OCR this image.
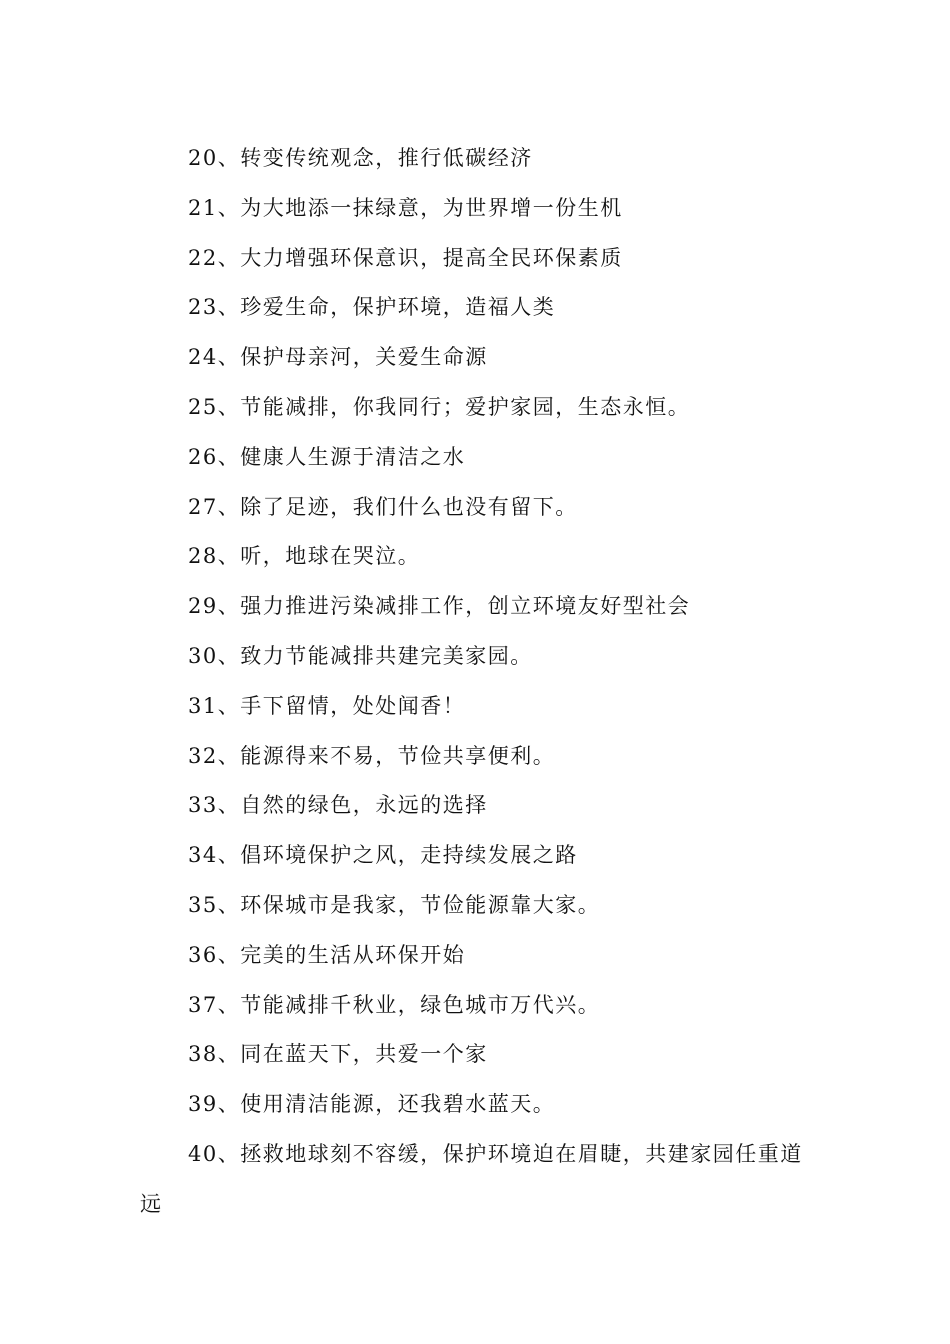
20、转变传统观念，推行低碳经济
21、为大地添一抹绿意，为世界增一份生机
22、大力增强环保意识，提高全民环保素质
23、珍爱生命，保护环境，造福人类
24、保护母亲河，关爱生命源
25、节能减排，你我同行；爱护家园，生态永恒。
26、健康人生源于清洁之水
27、除了足迹，我们什么也没有留下。
28、听，地球在哭泣。
29、强力推进污染减排工作，创立环境友好型社会
30、致力节能减排共建完美家园。
31、手下留情，处处闻香！
32、能源得来不易，节俭共享便利。
33、自然的绿色，永远的选择
34、倡环境保护之风，走持续发展之路
35、环保城市是我家，节俭能源靠大家。
36、完美的生活从环保开始
37、节能减排千秋业，绿色城市万代兴。
38、同在蓝天下，共爱一个家
39、使用清洁能源，还我碧水蓝天。
40、拯救地球刻不容缓，保护环境迫在眉睫，共建家园任重道远
